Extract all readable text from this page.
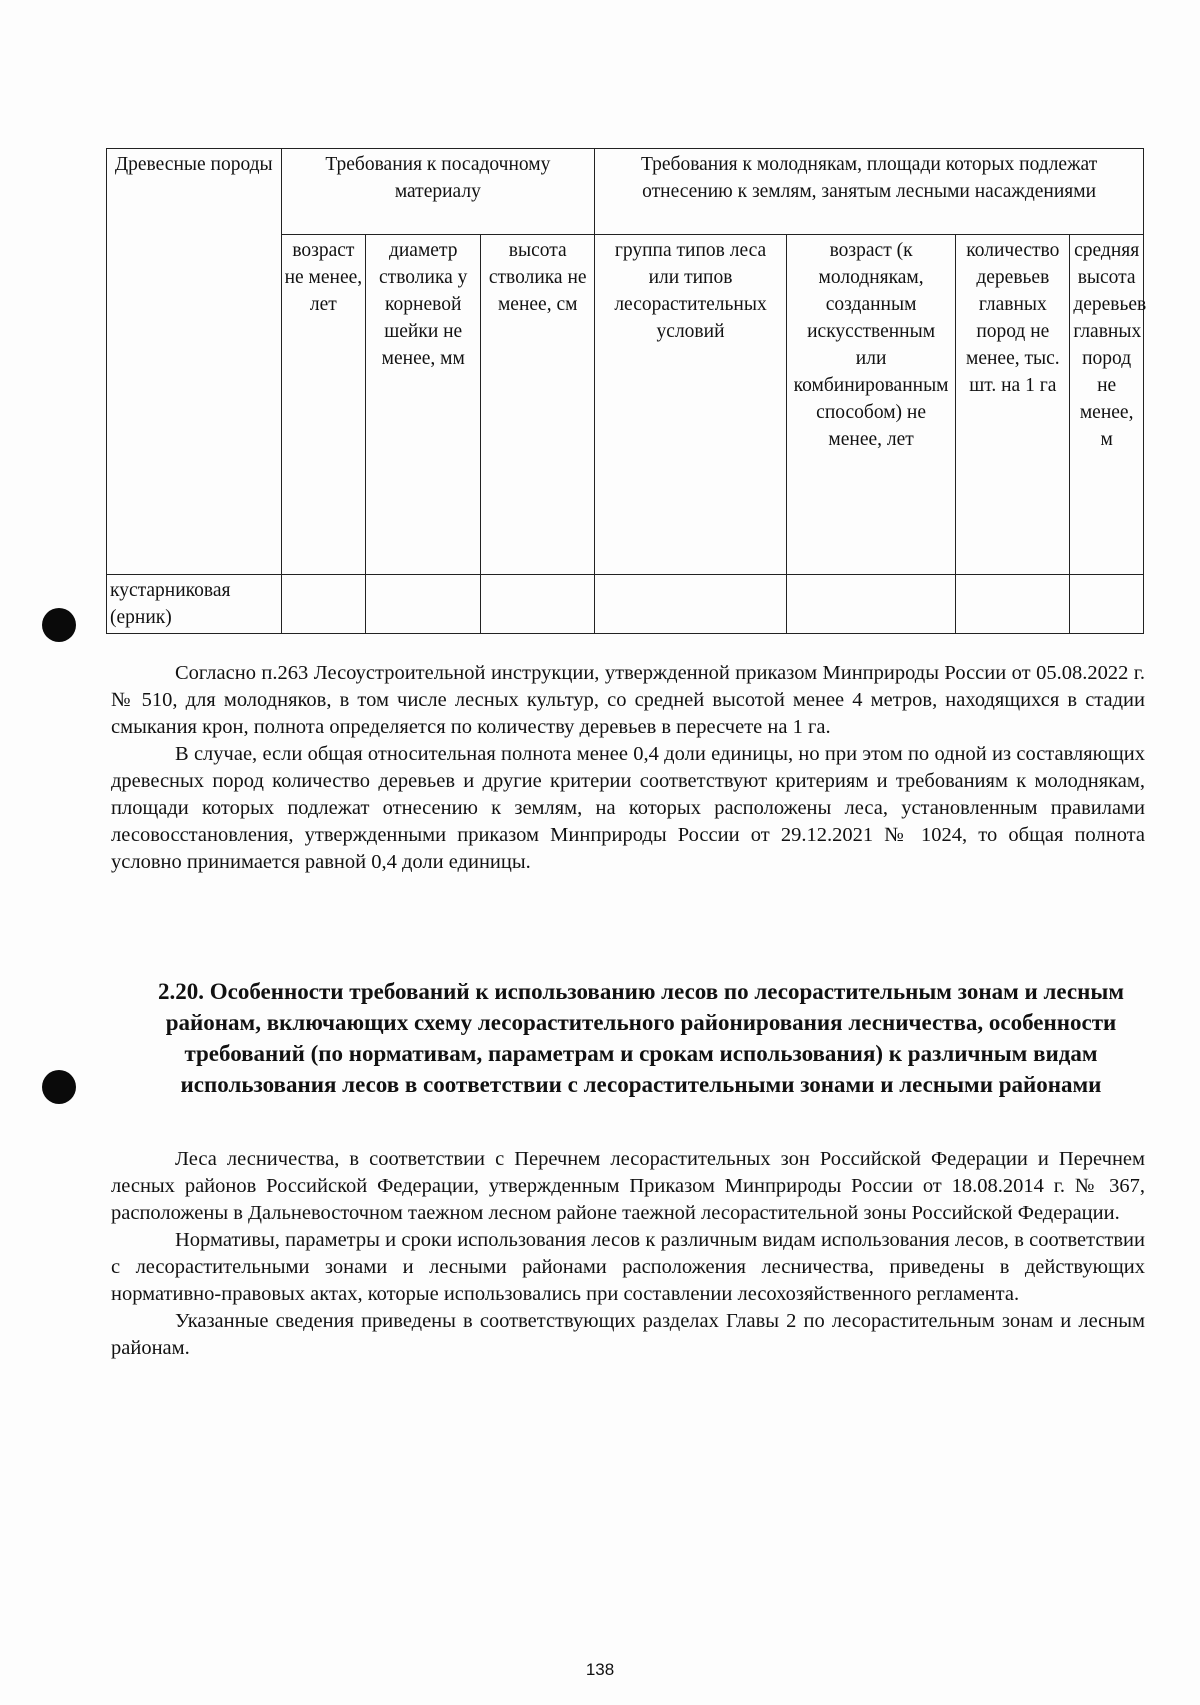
Древесные породы	Требования к посадочному материалу			Требования к молоднякам, площади которых подлежат отнесению к землям, занятым лесными насаждениями			
	возраст не менее, лет	диаметр стволика у корневой шейки не менее, мм	высота стволика не менее, см	группа типов леса или типов лесорастительных условий	возраст (к молоднякам, созданным искусственным или комбинированным способом) не менее, лет	количество деревьев главных пород не менее, тыс. шт. на 1 га	средняя высота деревьев главных пород не менее, м
кустарниковая (ерник)							

Согласно п.263 Лесоустроительной инструкции, утвержденной приказом Минприроды России от 05.08.2022 г. № 510, для молодняков, в том числе лесных культур, со средней высотой менее 4 метров, находящихся в стадии смыкания крон, полнота определяется по количеству деревьев в пересчете на 1 га.

В случае, если общая относительная полнота менее 0,4 доли единицы, но при этом по одной из составляющих древесных пород количество деревьев и другие критерии соответствуют критериям и требованиям к молоднякам, площади которых подлежат отнесению к землям, на которых расположены леса, установленным правилами лесовосстановления, утвержденными приказом Минприроды России от 29.12.2021 № 1024, то общая полнота условно принимается равной 0,4 доли единицы.

2.20. Особенности требований к использованию лесов по лесорастительным зонам и лесным районам, включающих схему лесорастительного районирования лесничества, особенности требований (по нормативам, параметрам и срокам использования) к различным видам использования лесов в соответствии с лесорастительными зонами и лесными районами

Леса лесничества, в соответствии с Перечнем лесорастительных зон Российской Федерации и Перечнем лесных районов Российской Федерации, утвержденным Приказом Минприроды России от 18.08.2014 г. № 367, расположены в Дальневосточном таежном лесном районе таежной лесорастительной зоны Российской Федерации.

Нормативы, параметры и сроки использования лесов к различным видам использования лесов, в соответствии с лесорастительными зонами и лесными районами расположения лесничества, приведены в действующих нормативно-правовых актах, которые использовались при составлении лесохозяйственного регламента.

Указанные сведения приведены в соответствующих разделах Главы 2 по лесорастительным зонам и лесным районам.

138
